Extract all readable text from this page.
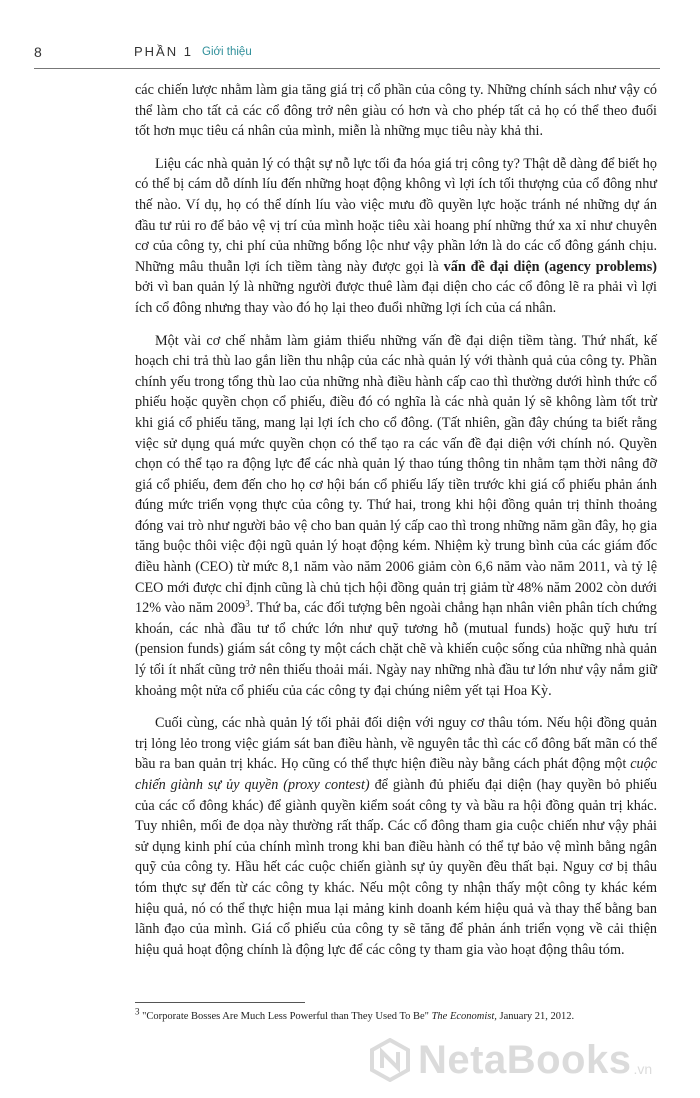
8	PHẦN 1 Giới thiệu

các chiến lược nhằm làm gia tăng giá trị cổ phần của công ty. Những chính sách như vậy có thể làm cho tất cả các cổ đông trở nên giàu có hơn và cho phép tất cả họ có thể theo đuổi tốt hơn mục tiêu cá nhân của mình, miễn là những mục tiêu này khả thi.

Liệu các nhà quản lý có thật sự nỗ lực tối đa hóa giá trị công ty? Thật dễ dàng để biết họ có thể bị cám dỗ dính líu đến những hoạt động không vì lợi ích tối thượng của cổ đông như thế nào. Ví dụ, họ có thể dính líu vào việc mưu đồ quyền lực hoặc tránh né những dự án đầu tư rủi ro để bảo vệ vị trí của mình hoặc tiêu xài hoang phí những thứ xa xỉ như chuyên cơ của công ty, chi phí của những bổng lộc như vậy phần lớn là do các cổ đông gánh chịu. Những mâu thuẫn lợi ích tiềm tàng này được gọi là vấn đề đại diện (agency problems) bởi vì ban quản lý là những người được thuê làm đại diện cho các cổ đông lẽ ra phải vì lợi ích cổ đông nhưng thay vào đó họ lại theo đuổi những lợi ích của cá nhân.

Một vài cơ chế nhằm làm giảm thiểu những vấn đề đại diện tiềm tàng. Thứ nhất, kế hoạch chi trả thù lao gắn liền thu nhập của các nhà quản lý với thành quả của công ty. Phần chính yếu trong tổng thù lao của những nhà điều hành cấp cao thì thường dưới hình thức cổ phiếu hoặc quyền chọn cổ phiếu, điều đó có nghĩa là các nhà quản lý sẽ không làm tốt trừ khi giá cổ phiếu tăng, mang lại lợi ích cho cổ đông. (Tất nhiên, gần đây chúng ta biết rằng việc sử dụng quá mức quyền chọn có thể tạo ra các vấn đề đại diện với chính nó. Quyền chọn có thể tạo ra động lực để các nhà quản lý thao túng thông tin nhằm tạm thời nâng đỡ giá cổ phiếu, đem đến cho họ cơ hội bán cổ phiếu lấy tiền trước khi giá cổ phiếu phản ánh đúng mức triển vọng thực của công ty. Thứ hai, trong khi hội đồng quản trị thỉnh thoảng đóng vai trò như người bảo vệ cho ban quản lý cấp cao thì trong những năm gần đây, họ gia tăng buộc thôi việc đội ngũ quản lý hoạt động kém. Nhiệm kỳ trung bình của các giám đốc điều hành (CEO) từ mức 8,1 năm vào năm 2006 giảm còn 6,6 năm vào năm 2011, và tỷ lệ CEO mới được chỉ định cũng là chủ tịch hội đồng quản trị giảm từ 48% năm 2002 còn dưới 12% vào năm 2009$^3$. Thứ ba, các đối tượng bên ngoài chẳng hạn nhân viên phân tích chứng khoán, các nhà đầu tư tổ chức lớn như quỹ tương hỗ (mutual funds) hoặc quỹ hưu trí (pension funds) giám sát công ty một cách chặt chẽ và khiến cuộc sống của những nhà quản lý tối ít nhất cũng trở nên thiếu thoải mái. Ngày nay những nhà đầu tư lớn như vậy nắm giữ khoảng một nửa cổ phiếu của các công ty đại chúng niêm yết tại Hoa Kỳ.

Cuối cùng, các nhà quản lý tối phải đối diện với nguy cơ thâu tóm. Nếu hội đồng quản trị lỏng lẻo trong việc giám sát ban điều hành, về nguyên tắc thì các cổ đông bất mãn có thể bầu ra ban quản trị khác. Họ cũng có thể thực hiện điều này bằng cách phát động một cuộc chiến giành sự ủy quyền (proxy contest) để giành đủ phiếu đại diện (hay quyền bỏ phiếu của các cổ đông khác) để giành quyền kiểm soát công ty và bầu ra hội đồng quản trị khác. Tuy nhiên, mối đe dọa này thường rất thấp. Các cổ đông tham gia cuộc chiến như vậy phải sử dụng kinh phí của chính mình trong khi ban điều hành có thể tự bảo vệ mình bằng ngân quỹ của công ty. Hầu hết các cuộc chiến giành sự ủy quyền đều thất bại. Nguy cơ bị thâu tóm thực sự đến từ các công ty khác. Nếu một công ty nhận thấy một công ty khác kém hiệu quả, nó có thể thực hiện mua lại mảng kinh doanh kém hiệu quả và thay thế bằng ban lãnh đạo của mình. Giá cổ phiếu của công ty sẽ tăng để phản ánh triển vọng về cải thiện hiệu quả hoạt động chính là động lực để các công ty tham gia vào hoạt động thâu tóm.

$^3$ "Corporate Bosses Are Much Less Powerful than They Used To Be" The Economist, January 21, 2012.
NetaBooks .vn
